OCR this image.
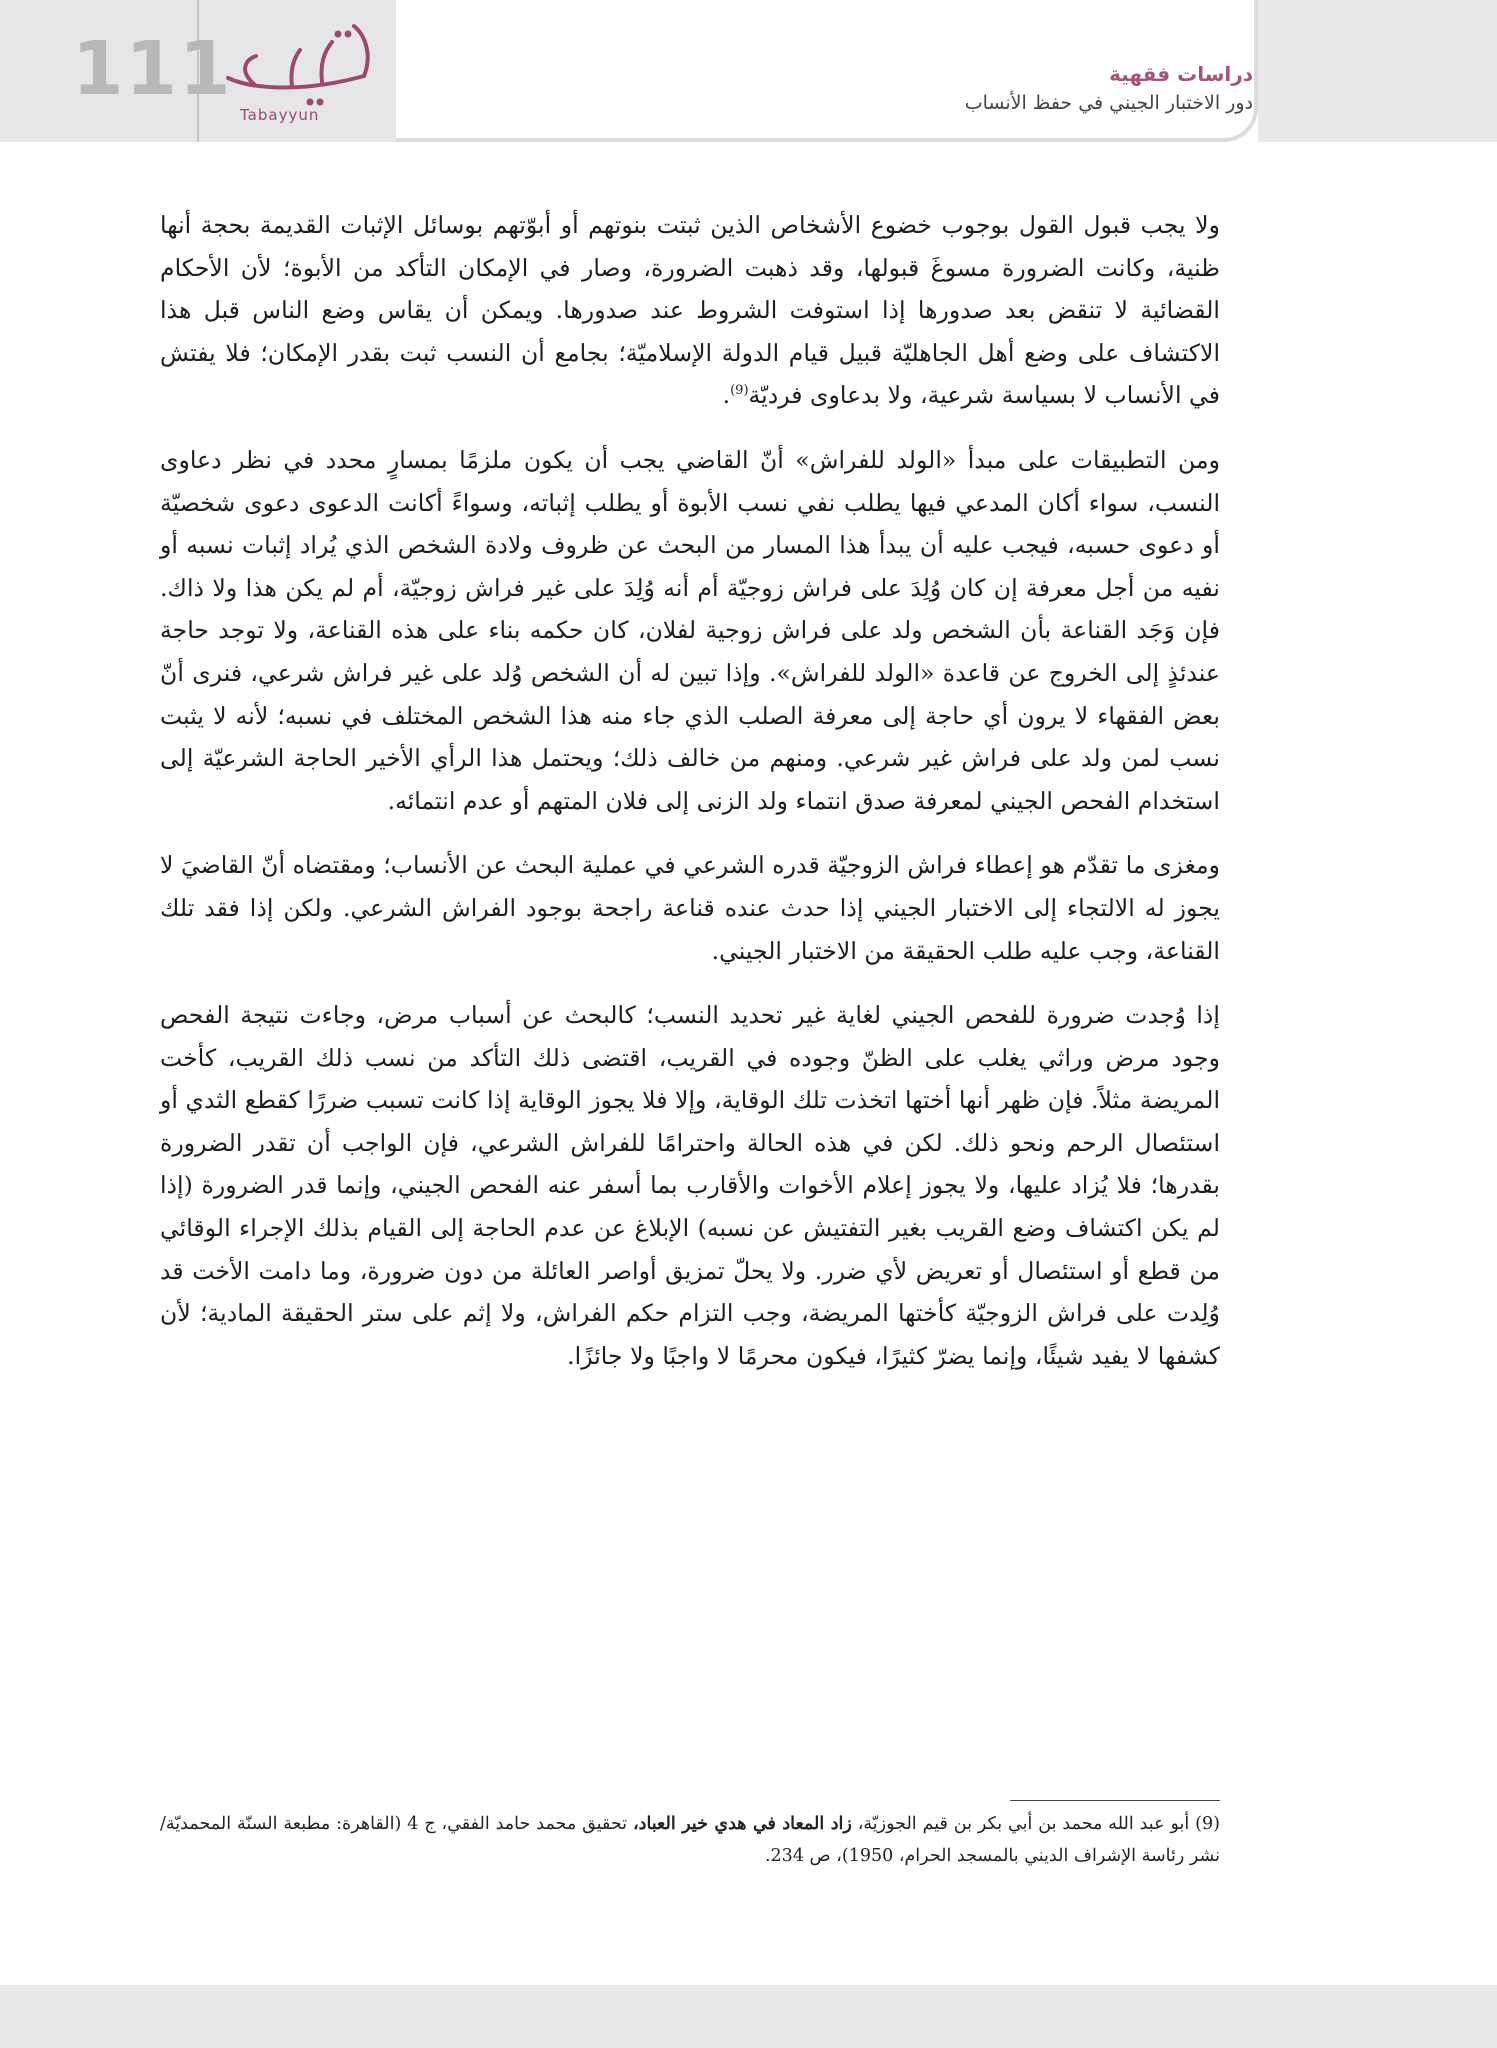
111
Tabayyun
دراسات فقهية
دور الاختبار الجيني في حفظ الأنساب

ولا يجب قبول القول بوجوب خضوع الأشخاص الذين ثبتت بنوتهم أو أبوّتهم بوسائل الإثبات القديمة بحجة أنها ظنية، وكانت الضرورة مسوغَ قبولها، وقد ذهبت الضرورة، وصار في الإمكان التأكد من الأبوة؛ لأن الأحكام القضائية لا تنقض بعد صدورها إذا استوفت الشروط عند صدورها. ويمكن أن يقاس وضع الناس قبل هذا الاكتشاف على وضع أهل الجاهليّة قبيل قيام الدولة الإسلاميّة؛ بجامع أن النسب ثبت بقدر الإمكان؛ فلا يفتش في الأنساب لا بسياسة شرعية، ولا بدعاوى فرديّة$^{(9)}$.

ومن التطبيقات على مبدأ «الولد للفراش» أنّ القاضي يجب أن يكون ملزمًا بمسارٍ محدد في نظر دعاوى النسب، سواء أكان المدعي فيها يطلب نفي نسب الأبوة أو يطلب إثباته، وسواءً أكانت الدعوى دعوى شخصيّة أو دعوى حسبه، فيجب عليه أن يبدأ هذا المسار من البحث عن ظروف ولادة الشخص الذي يُراد إثبات نسبه أو نفيه من أجل معرفة إن كان وُلِدَ على فراش زوجيّة أم أنه وُلِدَ على غير فراش زوجيّة، أم لم يكن هذا ولا ذاك. فإن وَجَد القناعة بأن الشخص ولد على فراش زوجية لفلان، كان حكمه بناء على هذه القناعة، ولا توجد حاجة عندئذٍ إلى الخروج عن قاعدة «الولد للفراش». وإذا تبين له أن الشخص وُلد على غير فراش شرعي، فنرى أنّ بعض الفقهاء لا يرون أي حاجة إلى معرفة الصلب الذي جاء منه هذا الشخص المختلف في نسبه؛ لأنه لا يثبت نسب لمن ولد على فراش غير شرعي. ومنهم من خالف ذلك؛ ويحتمل هذا الرأي الأخير الحاجة الشرعيّة إلى استخدام الفحص الجيني لمعرفة صدق انتماء ولد الزنى إلى فلان المتهم أو عدم انتمائه.

ومغزى ما تقدّم هو إعطاء فراش الزوجيّة قدره الشرعي في عملية البحث عن الأنساب؛ ومقتضاه أنّ القاضيَ لا يجوز له الالتجاء إلى الاختبار الجيني إذا حدث عنده قناعة راجحة بوجود الفراش الشرعي. ولكن إذا فقد تلك القناعة، وجب عليه طلب الحقيقة من الاختبار الجيني.

إذا وُجدت ضرورة للفحص الجيني لغاية غير تحديد النسب؛ كالبحث عن أسباب مرض، وجاءت نتيجة الفحص وجود مرض وراثي يغلب على الظنّ وجوده في القريب، اقتضى ذلك التأكد من نسب ذلك القريب، كأخت المريضة مثلاً. فإن ظهر أنها أختها اتخذت تلك الوقاية، وإلا فلا يجوز الوقاية إذا كانت تسبب ضررًا كقطع الثدي أو استئصال الرحم ونحو ذلك. لكن في هذه الحالة واحترامًا للفراش الشرعي، فإن الواجب أن تقدر الضرورة بقدرها؛ فلا يُزاد عليها، ولا يجوز إعلام الأخوات والأقارب بما أسفر عنه الفحص الجيني، وإنما قدر الضرورة (إذا لم يكن اكتشاف وضع القريب بغير التفتيش عن نسبه) الإبلاغ عن عدم الحاجة إلى القيام بذلك الإجراء الوقائي من قطع أو استئصال أو تعريض لأي ضرر. ولا يحلّ تمزيق أواصر العائلة من دون ضرورة، وما دامت الأخت قد وُلِدت على فراش الزوجيّة كأختها المريضة، وجب التزام حكم الفراش، ولا إثم على ستر الحقيقة المادية؛ لأن كشفها لا يفيد شيئًا، وإنما يضرّ كثيرًا، فيكون محرمًا لا واجبًا ولا جائزًا.

(9) أبو عبد الله محمد بن أبي بكر بن قيم الجوزيّة، زاد المعاد في هدي خير العباد، تحقيق محمد حامد الفقي، ج 4 (القاهرة: مطبعة السنّة المحمديّة/ نشر رئاسة الإشراف الديني بالمسجد الحرام، 1950)، ص 234.
